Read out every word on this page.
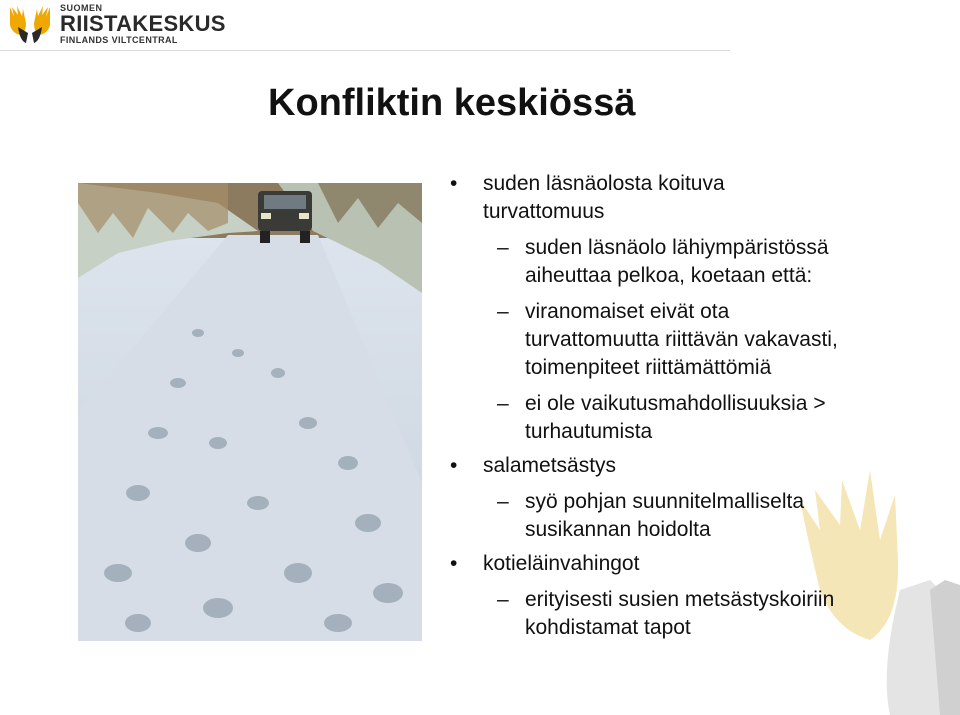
SUOMEN
RIISTAKESKUS
FINLANDS VILTCENTRAL
Konfliktin keskiössä
• suden läsnäolosta koituva
turvattomuus
– suden läsnäolo lähiympäristössä
aiheuttaa pelkoa, koetaan että:
– viranomaiset eivät ota
turvattomuutta riittävän vakavasti,
toimenpiteet riittämättömiä
– ei ole vaikutusmahdollisuuksia >
turhautumista
• salametsästys
– syö pohjan suunnitelmalliselta
susikannan hoidolta
• kotieläinvahingot
– erityisesti susien metsästyskoiriin
kohdistamat tapot
